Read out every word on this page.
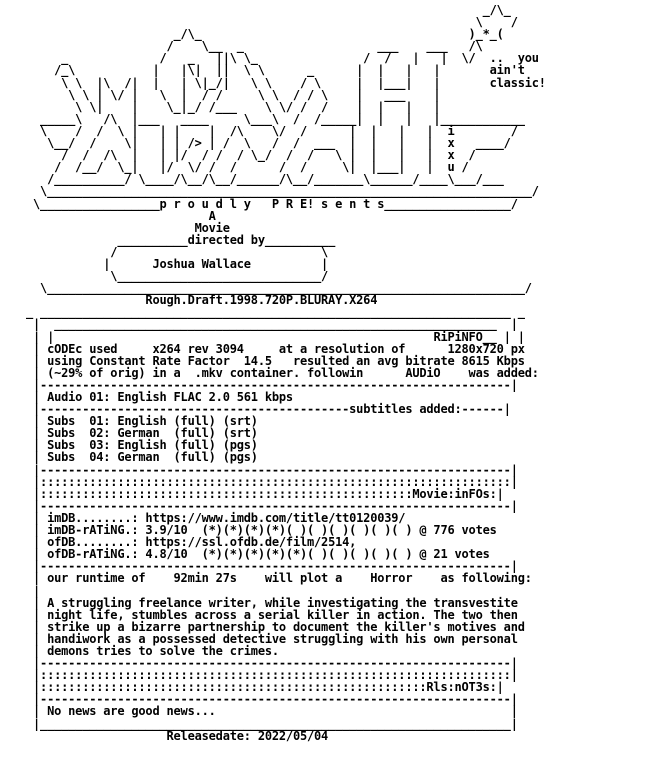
_/\_
\    /
_/\_                                      )_*_(
/    \__  _                   ___    ___   /\
_             /   _   ||\ \_               /  /   |   |  \/  ..  you
/_\           |   |\|  ||  \ \      _      |  |   |   |       ain't
\ \  |\  /|  |   | \|_/|   \ \    / \     |  |___|   |       classic!
\ \ | \/ |   \  |  / /     \ \  / / \    |   ___    |
\ \|    |    \_|_/ /___    \ \/ /  /    |  |   |   |
_____\   /\  |___   ____     \___\  /  /_____|  |   |   |____________
\    /  /  \ |   | |    |  /\    \/  /      |  |   |   |  i        /
\__/  /    \|   | | /> | /  \   /  /  ___  |  |   |   |  x   ____/
/  /  /\  |   | |/  / /  / \_/  /  /   \ |  |   |   |  x  /
/  /__/  \_|   |/  \/ /  /      /  /     \|  |___|   |  u /
/__________/ \____/\__/\__/______/\__/_______\______/____\___/___
\_____________________________________________________________________/
\_________________p r o u d l y   P R E! s e n t s__________________/
A
Movie
__________directed by__________
/                             \
|	Joshua Wallace	|
\_____________________________/
\____________________________________________________________________/
Rough.Draft.1998.720P.BLURAY.X264
_ ___________________________________________________________________ _
|  _______________________________________________________________  |
| |	RiPiNFO__ | |
| cODEc used     x264 rev 3094     at a resolution of      1280x720 px
| using Constant Rate Factor  14.5   resulted an avg bitrate 8615 Kbps
| (~29% of orig) in a  .mkv container. followin      AUDiO    was added:
|-------------------------------------------------------------------|
| Audio 01: English FLAC 2.0 561 kbps
|--------------------------------------------subtitles added:------|
| Subs  01: English (full) (srt)
| Subs  02: German  (full) (srt)
| Subs  03: English (full) (pgs)
| Subs  04: German  (full) (pgs)
|-------------------------------------------------------------------|
|:::::::::::::::::::::::::::::::::::::::::::::::::::::::::::::::::::|
|:::::::::::::::::::::::::::::::::::::::::::::::::::::Movie:inFOs:|
|-------------------------------------------------------------------|
| imDB........: https://www.imdb.com/title/tt0120039/
| imDB-rATiNG.: 3.9/10  (*)(*)(*)(*)( )( )( )( )( )( ) @ 776 votes
| ofDB........: https://ssl.ofdb.de/film/2514,
| ofDB-rATiNG.: 4.8/10  (*)(*)(*)(*)(*)( )( )( )( )( ) @ 21 votes
|-------------------------------------------------------------------|
| our runtime of    92min 27s    will plot a    Horror    as following:
|
| A struggling freelance writer, while investigating the transvestite
| night life, stumbles across a serial killer in action. The two then
| strike up a bizarre partnership to document the killer's motives and
| handiwork as a possessed detective struggling with his own personal
| demons tries to solve the crimes.
|-------------------------------------------------------------------|
|:::::::::::::::::::::::::::::::::::::::::::::::::::::::::::::::::::|
|:::::::::::::::::::::::::::::::::::::::::::::::::::::::Rls:nOT3s:|
|-------------------------------------------------------------------|
| No news are good news...	|
|___________________________________________________________________|
Releasedate: 2022/05/04
